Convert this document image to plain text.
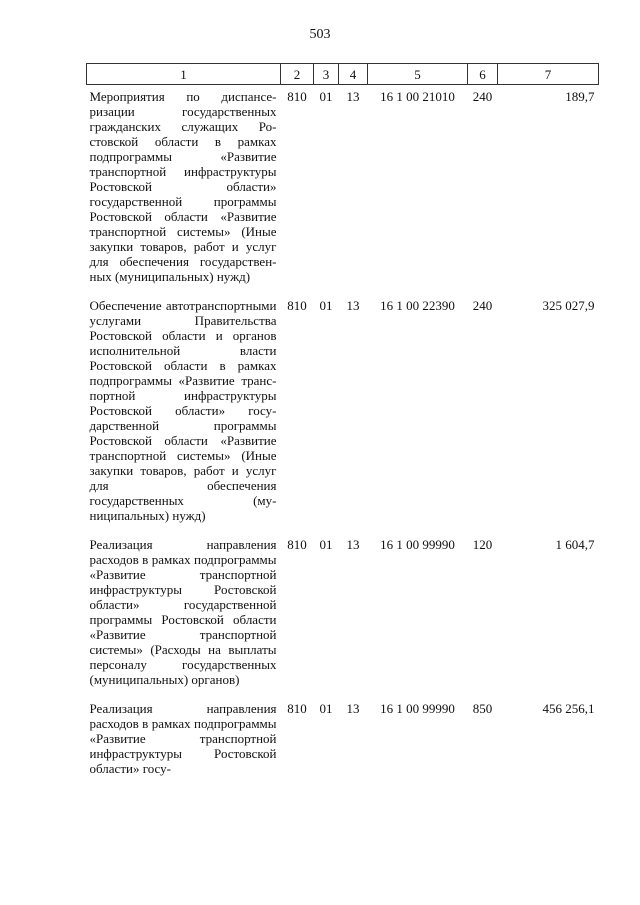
503
1	2	3	4	5	6	7
Мероприятия по диспансеризации государственных гражданских служащих Ростовской области в рамках подпрограммы «Развитие транспортной инфраструктуры Ростовской области» государственной программы Ростовской области «Развитие транспортной системы» (Иные закупки товаров, работ и услуг для обеспечения государственных (муниципальных) нужд)	810	01	13	16 1 00 21010	240	189,7
Обеспечение автотранспортными услугами Правительства Ростовской области и органов исполнительной власти Ростовской области в рамках подпрограммы «Развитие транспортной инфраструктуры Ростовской области» государственной программы Ростовской области «Развитие транспортной системы» (Иные закупки товаров, работ и услуг для обеспечения государственных (муниципальных) нужд)	810	01	13	16 1 00 22390	240	325 027,9
Реализация направления расходов в рамках подпрограммы «Развитие транспортной инфраструктуры Ростовской области» государственной программы Ростовской области «Развитие транспортной системы» (Расходы на выплаты персоналу государственных (муниципальных) органов)	810	01	13	16 1 00 99990	120	1 604,7

Реализация направления расходов в рамках подпрограммы «Развитие транспортной инфраструктуры Ростовской области» госу-	810	01	13	16 1 00 99990	850	456 256,1
